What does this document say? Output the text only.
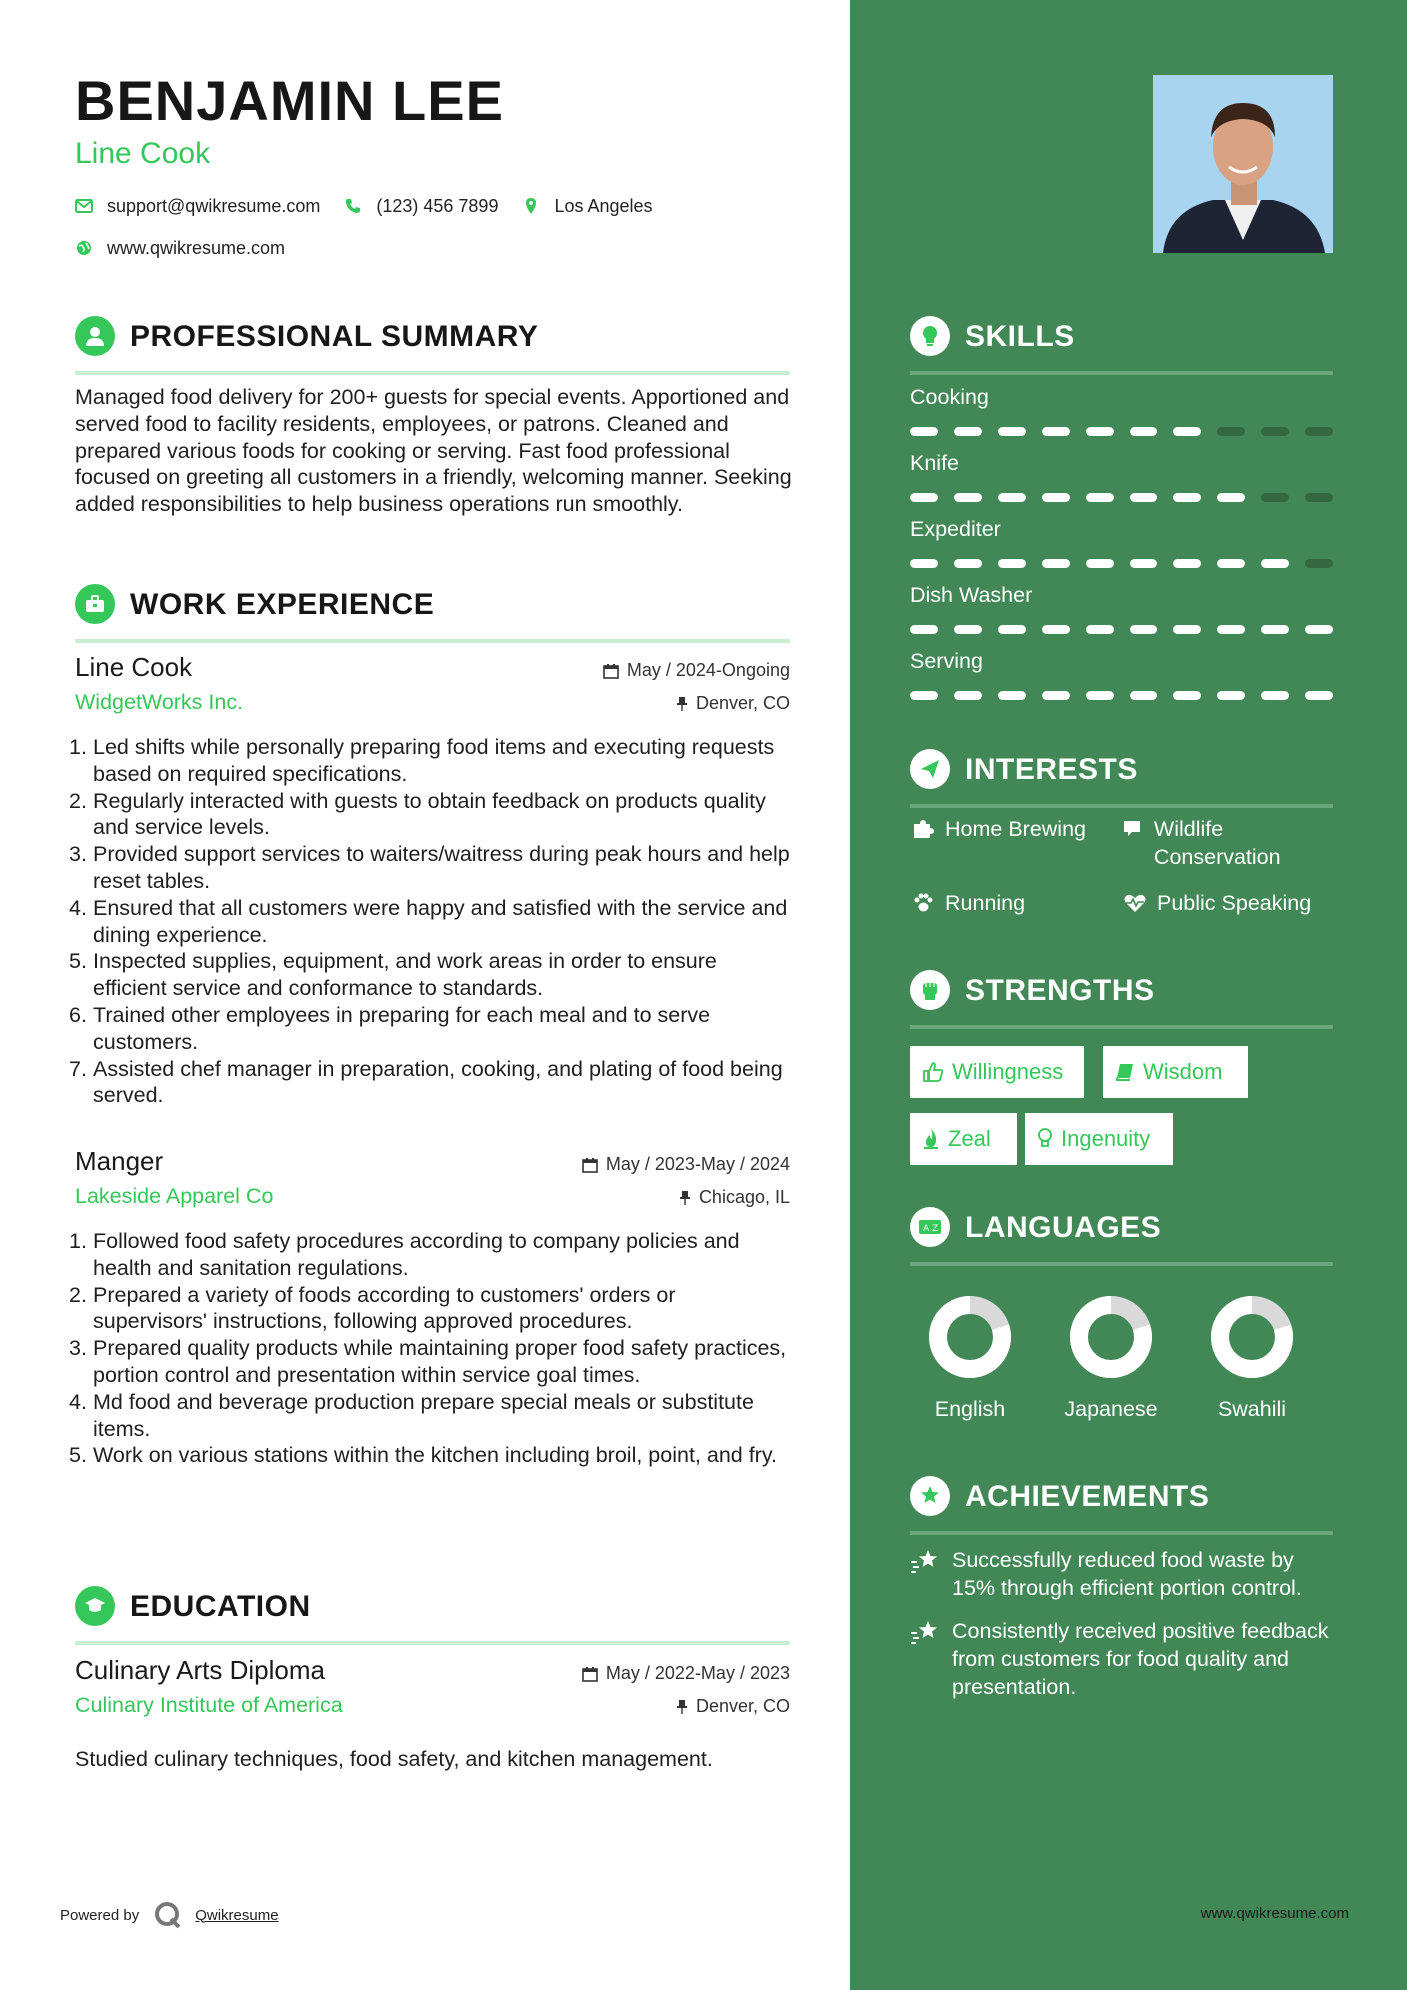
BENJAMIN LEE
Line Cook
support@qwikresume.com	(123) 456 7899	Los Angeles
www.qwikresume.com
PROFESSIONAL SUMMARY

Managed food delivery for 200+ guests for special events. Apportioned and served food to facility residents, employees, or patrons. Cleaned and prepared various foods for cooking or serving. Fast food professional focused on greeting all customers in a friendly, welcoming manner. Seeking added responsibilities to help business operations run smoothly.

WORK EXPERIENCE
Line Cook
WidgetWorks Inc.
May / 2024-Ongoing
Denver, CO
1. Led shifts while personally preparing food items and executing requests based on required specifications.
2. Regularly interacted with guests to obtain feedback on products quality and service levels.
3. Provided support services to waiters/waitress during peak hours and help reset tables.
4. Ensured that all customers were happy and satisfied with the service and dining experience.
5. Inspected supplies, equipment, and work areas in order to ensure efficient service and conformance to standards.
6. Trained other employees in preparing for each meal and to serve customers.
7. Assisted chef manager in preparation, cooking, and plating of food being served.
Manger
Lakeside Apparel Co
May / 2023-May / 2024
Chicago, IL
1. Followed food safety procedures according to company policies and health and sanitation regulations.
2. Prepared a variety of foods according to customers' orders or supervisors' instructions, following approved procedures.
3. Prepared quality products while maintaining proper food safety practices, portion control and presentation within service goal times.
4. Md food and beverage production prepare special meals or substitute items.
5. Work on various stations within the kitchen including broil, point, and fry.
EDUCATION
Culinary Arts Diploma
Culinary Institute of America
May / 2022-May / 2023
Denver, CO
Studied culinary techniques, food safety, and kitchen management.
Powered by	Qwikresume
SKILLS
Cooking
Knife
Expediter
Dish Washer
Serving
INTERESTS
Home Brewing	Wildlife Conservation
Running	Public Speaking
STRENGTHS
Willingness	Wisdom
Zeal	Ingenuity
A Z LANGUAGES
English	Japanese	Swahili
ACHIEVEMENTS
Successfully reduced food waste by 15% through efficient portion control.
Consistently received positive feedback from customers for food quality and presentation.
www.qwikresume.com
